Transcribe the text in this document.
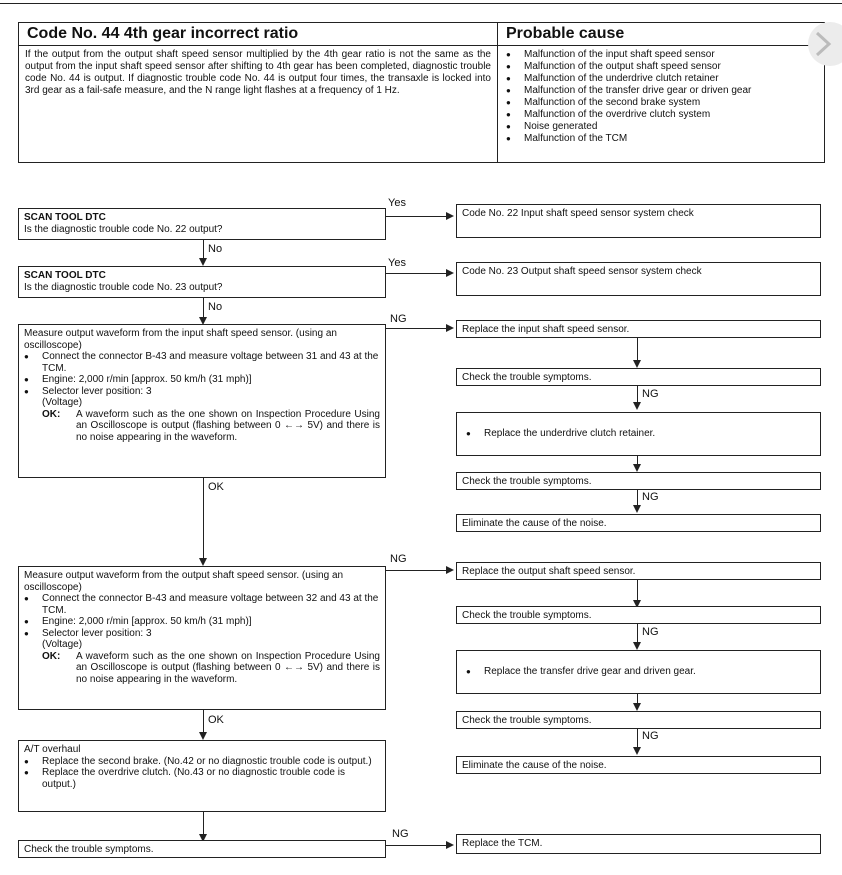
Code No. 44 4th gear incorrect ratio	Probable cause
If the output from the output shaft speed sensor multiplied by the 4th gear ratio is not the same as the output from the input shaft speed sensor after shifting to 4th gear has been completed, diagnostic trouble code No. 44 is output. If diagnostic trouble code No. 44 is output four times, the transaxle is locked into 3rd gear as a fail-safe measure, and the N range light flashes at a frequency of 1 Hz.
● Malfunction of the input shaft speed sensor
● Malfunction of the output shaft speed sensor
● Malfunction of the underdrive clutch retainer
● Malfunction of the transfer drive gear or driven gear
● Malfunction of the second brake system
● Malfunction of the overdrive clutch system
● Noise generated
● Malfunction of the TCM
SCAN TOOL DTC
Is the diagnostic trouble code No. 22 output?
Yes
No
SCAN TOOL DTC
Is the diagnostic trouble code No. 23 output?
Yes
No
Measure output waveform from the input shaft speed sensor. (using an oscilloscope)
● Connect the connector B-43 and measure voltage between 31 and 43 at the TCM.
● Engine: 2,000 r/min [approx. 50 km/h (31 mph)]
● Selector lever position: 3
(Voltage)
OK:	A waveform such as the one shown on Inspection Procedure Using an Oscilloscope is output (flashing between 0 ←→ 5V) and there is no noise appearing in the waveform.
NG
OK
Measure output waveform from the output shaft speed sensor. (using an oscilloscope)
● Connect the connector B-43 and measure voltage between 32 and 43 at the TCM.
● Engine: 2,000 r/min [approx. 50 km/h (31 mph)]
● Selector lever position: 3
(Voltage)
OK:	A waveform such as the one shown on Inspection Procedure Using an Oscilloscope is output (flashing between 0 ←→ 5V) and there is no noise appearing in the waveform.
NG
OK
A/T overhaul
● Replace the second brake. (No.42 or no diagnostic trouble code is output.)
● Replace the overdrive clutch. (No.43 or no diagnostic trouble code is output.)
Check the trouble symptoms.
NG
Code No. 22 Input shaft speed sensor system check
Code No. 23 Output shaft speed sensor system check
Replace the input shaft speed sensor.
Check the trouble symptoms.
NG
● Replace the underdrive clutch retainer.
Check the trouble symptoms.
NG
Eliminate the cause of the noise.
Replace the output shaft speed sensor.
Check the trouble symptoms.
NG
● Replace the transfer drive gear and driven gear.
Check the trouble symptoms.
NG
Eliminate the cause of the noise.
Replace the TCM.
